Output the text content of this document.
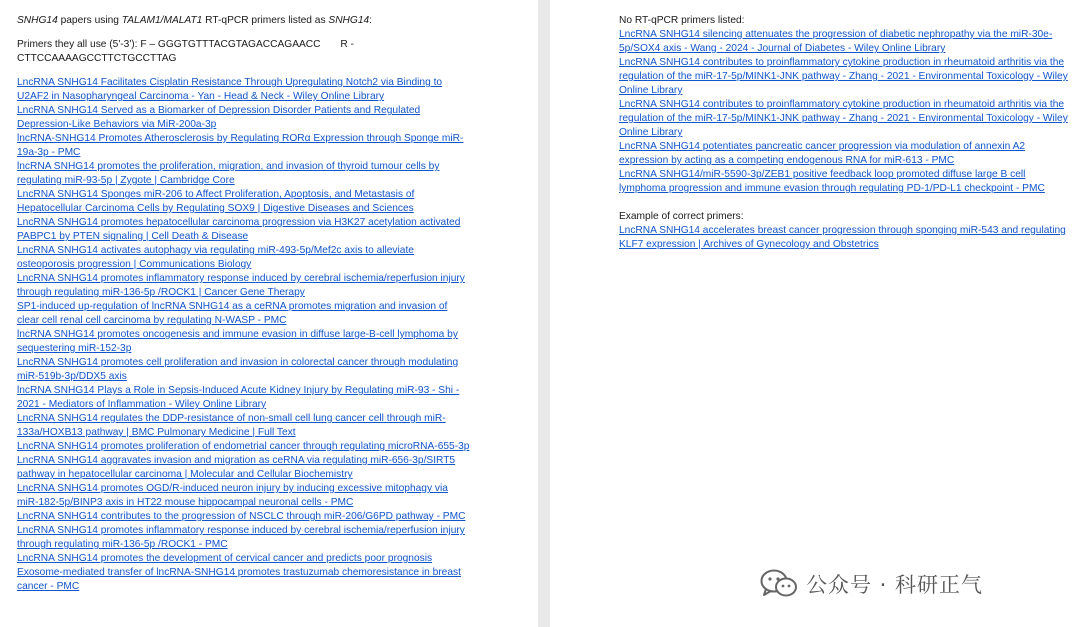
SNHG14 papers using TALAM1/MALAT1 RT-qPCR primers listed as SNHG14:

Primers they all use (5'-3'): F – GGGTGTTTACGTAGACCAGAACC       R -

CTTCCAAAAGCCTTCTGCCTTAG

LncRNA SNHG14 Facilitates Cisplatin Resistance Through Upregulating Notch2 via Binding to U2AF2 in Nasopharyngeal Carcinoma - Yan - Head & Neck - Wiley Online Library
LncRNA SNHG14 Served as a Biomarker of Depression Disorder Patients and Regulated Depression-Like Behaviors via MiR-200a-3p
lncRNA-SNHG14 Promotes Atherosclerosis by Regulating RORα Expression through Sponge miR-19a-3p - PMC
lncRNA SNHG14 promotes the proliferation, migration, and invasion of thyroid tumour cells by regulating miR-93-5p | Zygote | Cambridge Core
LncRNA SNHG14 Sponges miR-206 to Affect Proliferation, Apoptosis, and Metastasis of Hepatocellular Carcinoma Cells by Regulating SOX9 | Digestive Diseases and Sciences
LncRNA SNHG14 promotes hepatocellular carcinoma progression via H3K27 acetylation activated PABPC1 by PTEN signaling | Cell Death & Disease
LncRNA SNHG14 activates autophagy via regulating miR-493-5p/Mef2c axis to alleviate osteoporosis progression | Communications Biology
LncRNA SNHG14 promotes inflammatory response induced by cerebral ischemia/reperfusion injury through regulating miR-136-5p /ROCK1 | Cancer Gene Therapy
SP1-induced up-regulation of lncRNA SNHG14 as a ceRNA promotes migration and invasion of clear cell renal cell carcinoma by regulating N-WASP - PMC
lncRNA SNHG14 promotes oncogenesis and immune evasion in diffuse large-B-cell lymphoma by sequestering miR-152-3p
LncRNA SNHG14 promotes cell proliferation and invasion in colorectal cancer through modulating miR-519b-3p/DDX5 axis
lncRNA SNHG14 Plays a Role in Sepsis-Induced Acute Kidney Injury by Regulating miR-93 - Shi - 2021 - Mediators of Inflammation - Wiley Online Library
LncRNA SNHG14 regulates the DDP-resistance of non-small cell lung cancer cell through miR-133a/HOXB13 pathway | BMC Pulmonary Medicine | Full Text
LncRNA SNHG14 promotes proliferation of endometrial cancer through regulating microRNA-655-3p
LncRNA SNHG14 aggravates invasion and migration as ceRNA via regulating miR-656-3p/SIRT5 pathway in hepatocellular carcinoma | Molecular and Cellular Biochemistry
LncRNA SNHG14 promotes OGD/R-induced neuron injury by inducing excessive mitophagy via miR-182-5p/BINP3 axis in HT22 mouse hippocampal neuronal cells - PMC
LncRNA SNHG14 contributes to the progression of NSCLC through miR-206/G6PD pathway - PMC
LncRNA SNHG14 promotes inflammatory response induced by cerebral ischemia/reperfusion injury through regulating miR-136-5p /ROCK1 - PMC
LncRNA SNHG14 promotes the development of cervical cancer and predicts poor prognosis
Exosome-mediated transfer of lncRNA-SNHG14 promotes trastuzumab chemoresistance in breast cancer - PMC

No RT-qPCR primers listed:

LncRNA SNHG14 silencing attenuates the progression of diabetic nephropathy via the miR-30e-5p/SOX4 axis - Wang - 2024 - Journal of Diabetes - Wiley Online Library
LncRNA SNHG14 contributes to proinflammatory cytokine production in rheumatoid arthritis via the regulation of the miR-17-5p/MINK1-JNK pathway - Zhang - 2021 - Environmental Toxicology - Wiley Online Library
LncRNA SNHG14 contributes to proinflammatory cytokine production in rheumatoid arthritis via the regulation of the miR-17-5p/MINK1-JNK pathway - Zhang - 2021 - Environmental Toxicology - Wiley Online Library
LncRNA SNHG14 potentiates pancreatic cancer progression via modulation of annexin A2 expression by acting as a competing endogenous RNA for miR-613 - PMC
LncRNA SNHG14/miR-5590-3p/ZEB1 positive feedback loop promoted diffuse large B cell lymphoma progression and immune evasion through regulating PD-1/PD-L1 checkpoint - PMC

Example of correct primers:

LncRNA SNHG14 accelerates breast cancer progression through sponging miR-543 and regulating KLF7 expression | Archives of Gynecology and Obstetrics
公众号 · 科研正气
